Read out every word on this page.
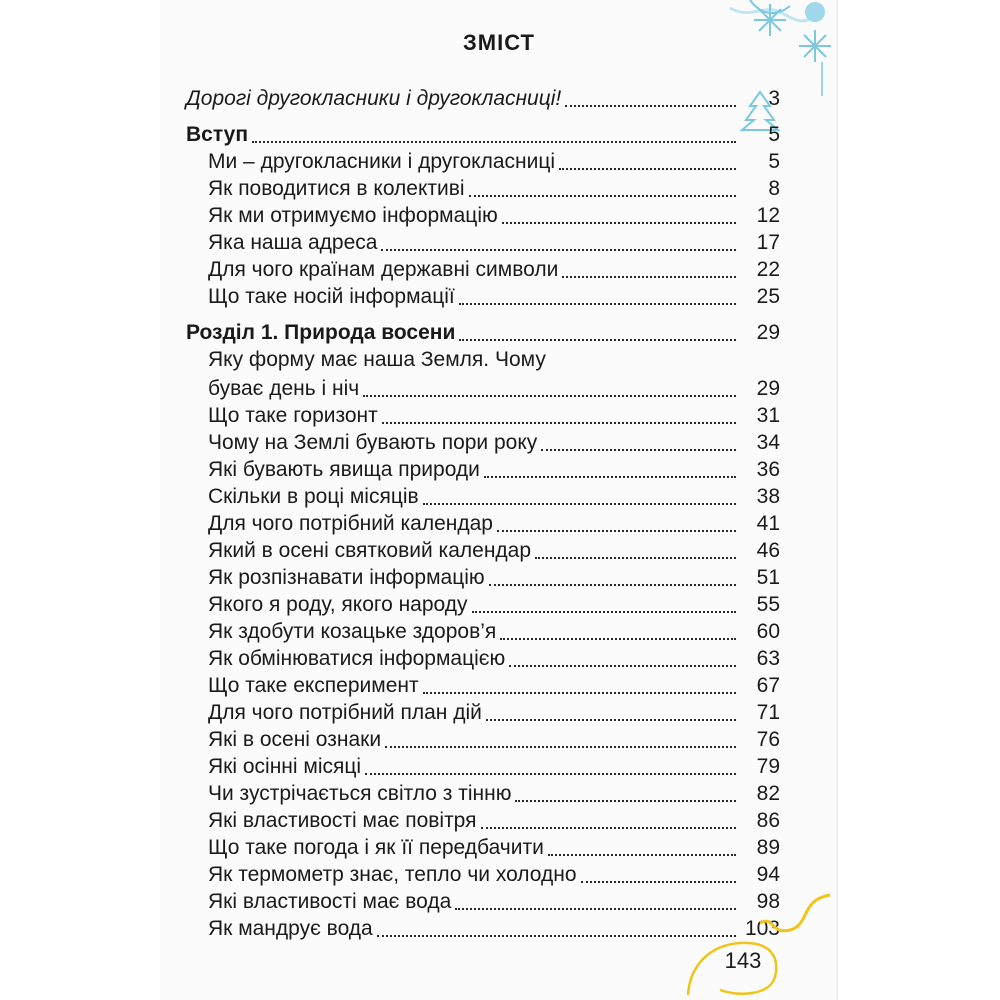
ЗМІСТ
Дорогі другокласники і другокласниці!	3
Вступ	5
Ми – другокласники і другокласниці	5
Як поводитися в колективі	8
Як ми отримуємо інформацію	12
Яка наша адреса	17
Для чого країнам державні символи	22
Що таке носій інформації	25
Розділ 1. Природа восени	29
Яку форму має наша Земля. Чому
буває день і ніч	29
Що таке горизонт	31
Чому на Землі бувають пори року	34
Які бувають явища природи	36
Скільки в році місяців	38
Для чого потрібний календар	41
Який в осені святковий календар	46
Як розпізнавати інформацію	51
Якого я роду, якого народу	55
Як здобути козацьке здоров’я	60
Як обмінюватися інформацією	63
Що таке експеримент	67
Для чого потрібний план дій	71
Які в осені ознаки	76
Які осінні місяці	79
Чи зустрічається світло з тінню	82
Які властивості має повітря	86
Що таке погода і як її передбачити	89
Як термометр знає, тепло чи холодно	94
Які властивості має вода	98
Як мандрує вода	103
143
